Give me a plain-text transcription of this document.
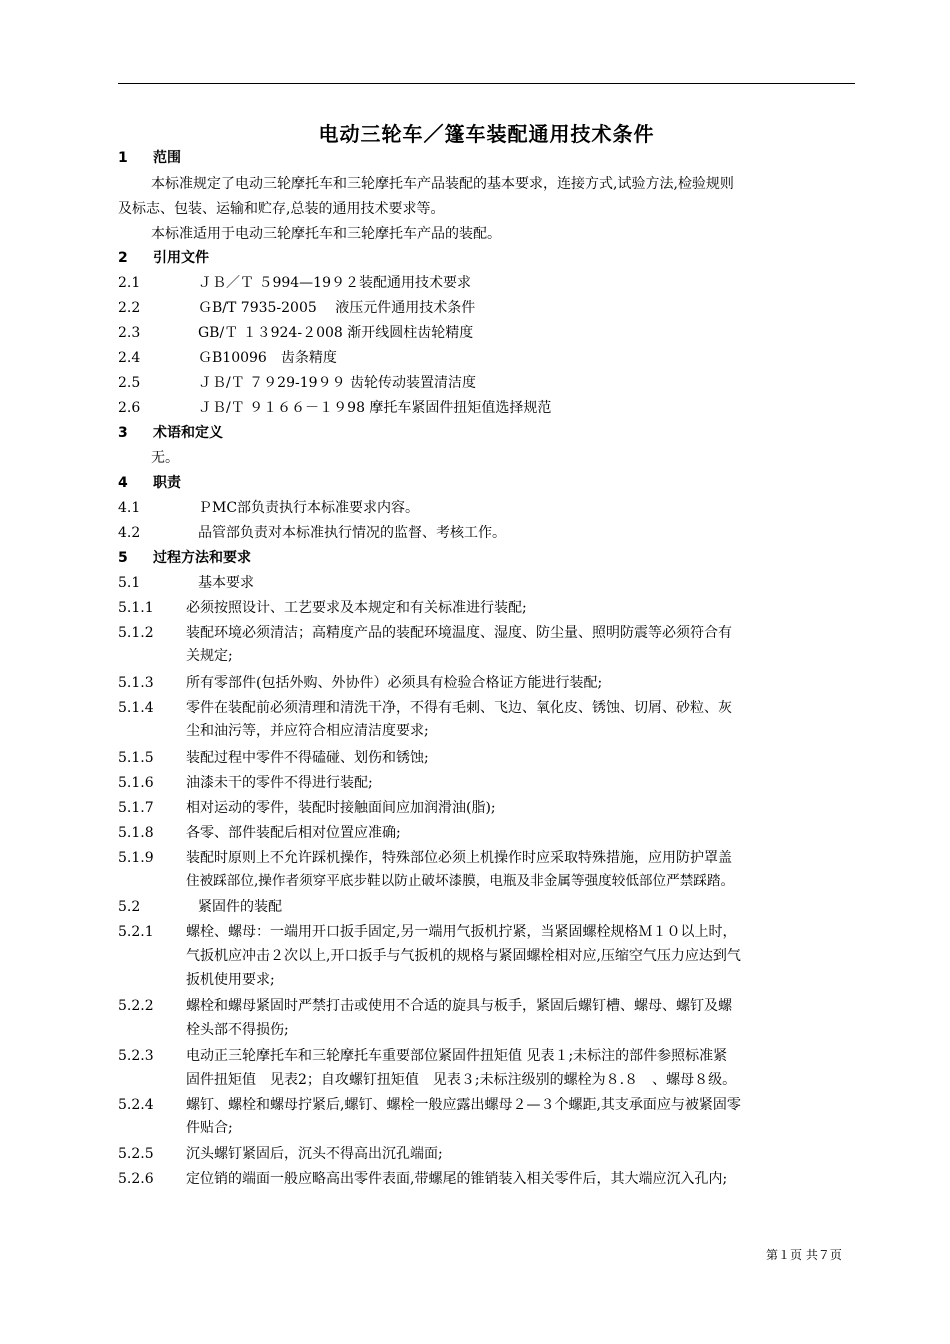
电动三轮车／篷车装配通用技术条件
1 范围
本标准规定了电动三轮摩托车和三轮摩托车产品装配的基本要求，连接方式,试验方法,检验规则
及标志、包装、运输和贮存,总装的通用技术要求等。
本标准适用于电动三轮摩托车和三轮摩托车产品的装配。
2 引用文件
2.1	ＪＢ／Ｔ ５994—19９２装配通用技术要求
2.2	ＧB/T 7935-2005　 液压元件通用技术条件
2.3	GB/Ｔ １３924-２008 渐开线圆柱齿轮精度
2.4	ＧB10096　齿条精度
2.5	ＪＢ/Ｔ ７９29-19９９ 齿轮传动装置清洁度
2.6	ＪＢ/Ｔ ９１６６－１９98 摩托车紧固件扭矩值选择规范
3 术语和定义
无。
4 职责
4.1	ＰMC部负责执行本标准要求内容。
4.2	品管部负责对本标准执行情况的监督、考核工作。
5 过程方法和要求
5.1	基本要求
5.1.1 必须按照设计、工艺要求及本规定和有关标准进行装配;
5.1.2 装配环境必须清洁；高精度产品的装配环境温度、湿度、防尘量、照明防震等必须符合有
关规定;
5.1.3 所有零部件(包括外购、外协件）必须具有检验合格证方能进行装配;
5.1.4 零件在装配前必须清理和清洗干净，不得有毛刺、飞边、氧化皮、锈蚀、切屑、砂粒、灰
尘和油污等，并应符合相应清洁度要求;
5.1.5 装配过程中零件不得磕碰、划伤和锈蚀;
5.1.6 油漆未干的零件不得进行装配;
5.1.7 相对运动的零件，装配时接触面间应加润滑油(脂);
5.1.8 各零、部件装配后相对位置应准确;
5.1.9 装配时原则上不允许踩机操作，特殊部位必须上机操作时应采取特殊措施，应用防护罩盖
住被踩部位,操作者须穿平底步鞋以防止破坏漆膜，电瓶及非金属等强度较低部位严禁踩踏。
5.2	紧固件的装配
5.2.1 螺栓、螺母：一端用开口扳手固定,另一端用气扳机拧紧，当紧固螺栓规格Ｍ１０以上时，
气扳机应冲击２次以上,开口扳手与气扳机的规格与紧固螺栓相对应,压缩空气压力应达到气
扳机使用要求;
5.2.2 螺栓和螺母紧固时严禁打击或使用不合适的旋具与板手，紧固后螺钉槽、螺母、螺钉及螺
栓头部不得损伤;
5.2.3 电动正三轮摩托车和三轮摩托车重要部位紧固件扭矩值 见表１;未标注的部件参照标准紧
固件扭矩值　见表2；自攻螺钉扭矩值　见表３;未标注级别的螺栓为８.８　、螺母８级。
5.2.4 螺钉、螺栓和螺母拧紧后,螺钉、螺栓一般应露出螺母２—３个螺距,其支承面应与被紧固零
件贴合;
5.2.5 沉头螺钉紧固后，沉头不得高出沉孔端面;
5.2.6 定位销的端面一般应略高出零件表面,带螺尾的锥销装入相关零件后，其大端应沉入孔内;
第１页 共７页
